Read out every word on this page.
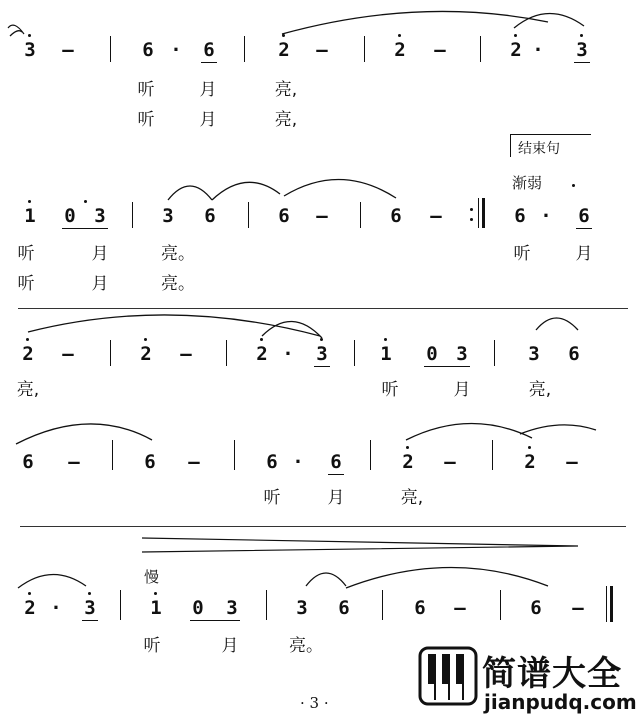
3 –	6 · 6	2 –	2 –	2 · 3
听	月	亮,
听	月	亮,
结束句
渐弱
1 0 3	3 6	6 –	6 –	6 · 6
听	月	亮。
听	月	亮。
听	月
2 –	2 –	2 · 3	1 0 3	3 6
亮,	听	月	亮,
6 –	6 –	6 · 6	2 –	2 –
听	月	亮,
慢
2 · 3	1 0 3	3 6	6 –	6 –
听	月	亮。
· 3 ·
简谱大全
jianpudq.com
